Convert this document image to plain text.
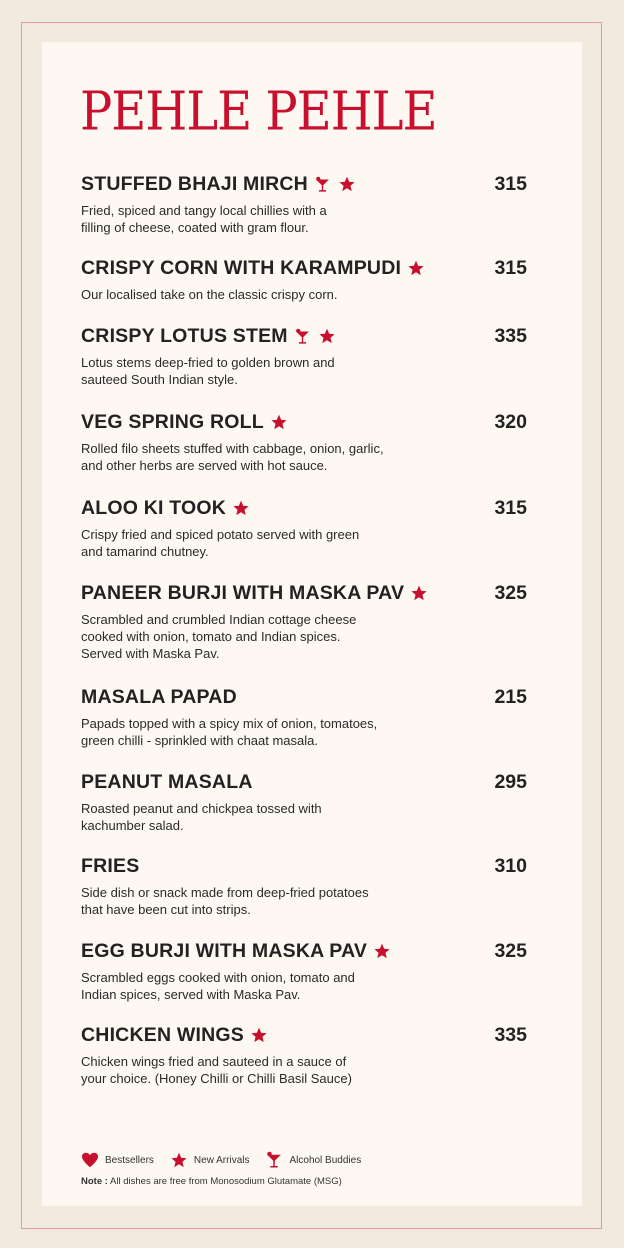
PEHLE PEHLE
STUFFED BHAJI MIRCH	315
Fried, spiced and tangy local chillies with a
filling of cheese, coated with gram flour.
CRISPY CORN WITH KARAMPUDI	315
Our localised take on the classic crispy corn.
CRISPY LOTUS STEM	335
Lotus stems deep-fried to golden brown and
sauteed South Indian style.
VEG SPRING ROLL	320
Rolled filo sheets stuffed with cabbage, onion, garlic,
and other herbs are served with hot sauce.
ALOO KI TOOK	315
Crispy fried and spiced potato served with green
and tamarind chutney.
PANEER BURJI WITH MASKA PAV	325
Scrambled and crumbled Indian cottage cheese
cooked with onion, tomato and Indian spices.
Served with Maska Pav.
MASALA PAPAD	215
Papads topped with a spicy mix of onion, tomatoes,
green chilli - sprinkled with chaat masala.
PEANUT MASALA	295
Roasted peanut and chickpea tossed with
kachumber salad.
FRIES	310
Side dish or snack made from deep-fried potatoes
that have been cut into strips.
EGG BURJI WITH MASKA PAV	325
Scrambled eggs cooked with onion, tomato and
Indian spices, served with Maska Pav.
CHICKEN WINGS	335
Chicken wings fried and sauteed in a sauce of
your choice. (Honey Chilli or Chilli Basil Sauce)
Bestsellers	New Arrivals	Alcohol Buddies
Note : All dishes are free from Monosodium Glutamate (MSG)
